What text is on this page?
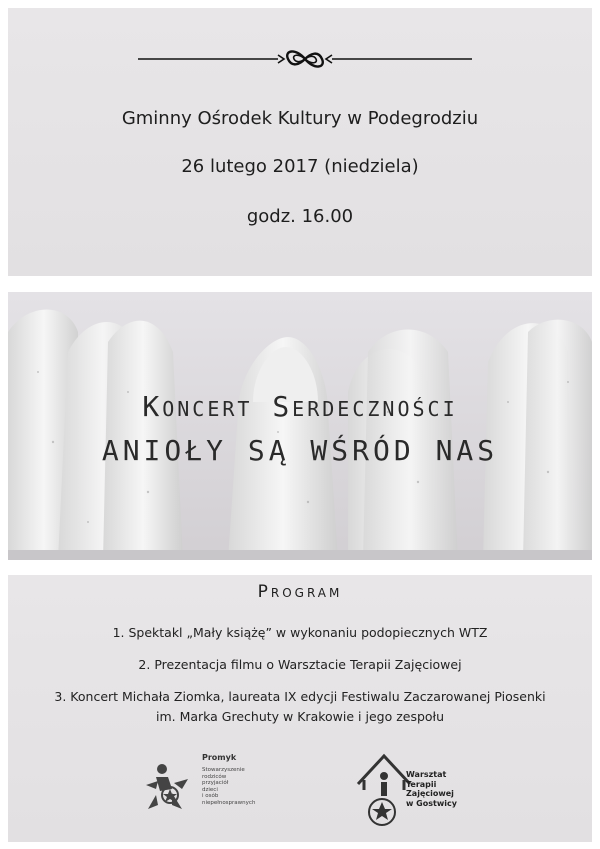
Gminny Ośrodek Kultury w Podegrodziu
26 lutego 2017 (niedziela)
godz. 16.00
Koncert Serdeczności
ANIOŁY SĄ WŚRÓD NAS
Program
1. Spektakl „Mały książę” w wykonaniu podopiecznych WTZ
2. Prezentacja filmu o Warsztacie Terapii Zajęciowej
3. Koncert Michała Ziomka, laureata IX edycji Festiwalu Zaczarowanej Piosenki im. Marka Grechuty w Krakowie i jego zespołu
Promyk
Stowarzyszenie
rodziców
przyjaciół
dzieci
i osób
niepełnosprawnych
Warsztat
Terapii
Zajęciowej
w Gostwicy
